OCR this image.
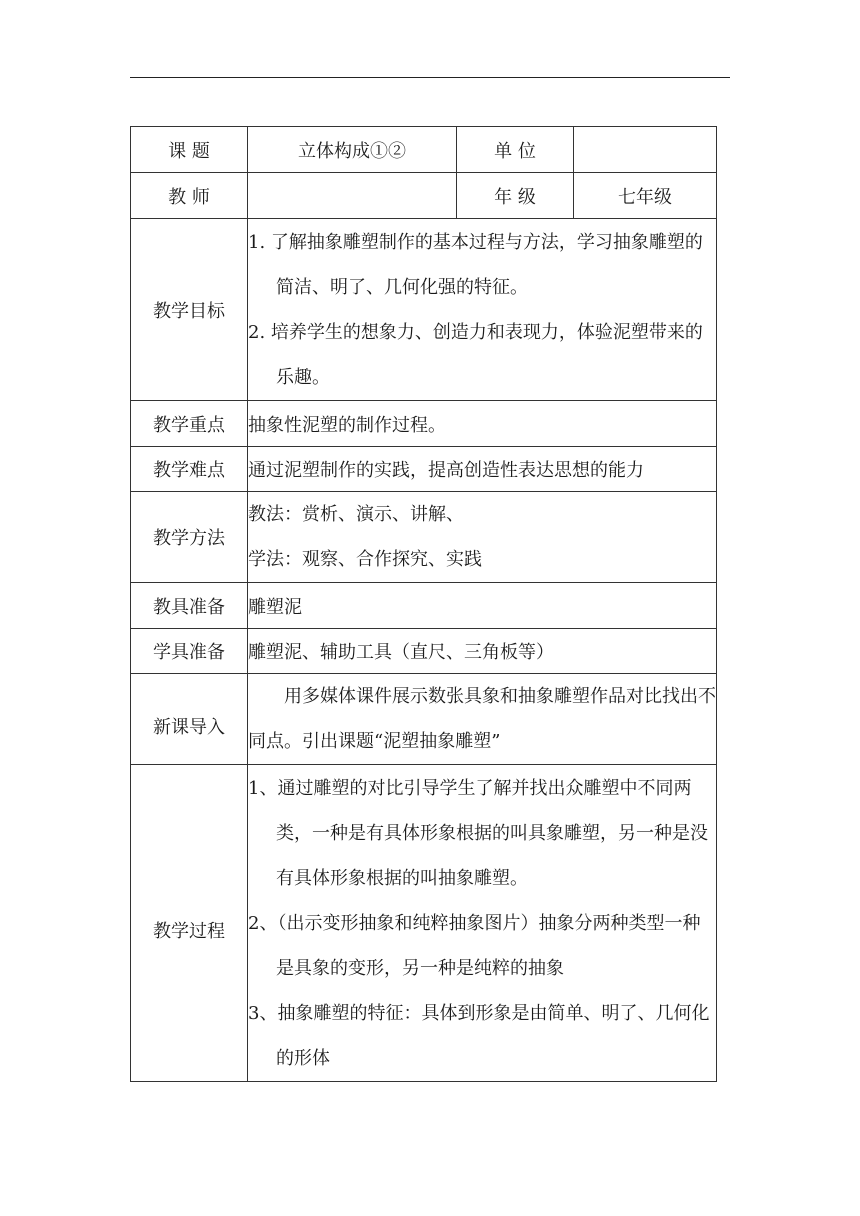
课 题	立体构成①②	单 位	
教 师		年 级	七年级
教学目标	1. 了解抽象雕塑制作的基本过程与方法，学习抽象雕塑的简洁、明了、几何化强的特征。
2. 培养学生的想象力、创造力和表现力，体验泥塑带来的乐趣。		

教学重点	抽象性泥塑的制作过程。		
教学难点	通过泥塑制作的实践，提高创造性表达思想的能力		
教学方法	教法：赏析、演示、讲解、
学法：观察、合作探究、实践		

教具准备	雕塑泥		
学具准备	雕塑泥、辅助工具（直尺、三角板等）		
新课导入	用多媒体课件展示数张具象和抽象雕塑作品对比找出不同点。引出课题“泥塑抽象雕塑”		

教学过程	1、通过雕塑的对比引导学生了解并找出众雕塑中不同两类，一种是有具体形象根据的叫具象雕塑，另一种是没有具体形象根据的叫抽象雕塑。
2、（出示变形抽象和纯粹抽象图片）抽象分两种类型一种是具象的变形，另一种是纯粹的抽象
3、抽象雕塑的特征：具体到形象是由简单、明了、几何化的形体		
